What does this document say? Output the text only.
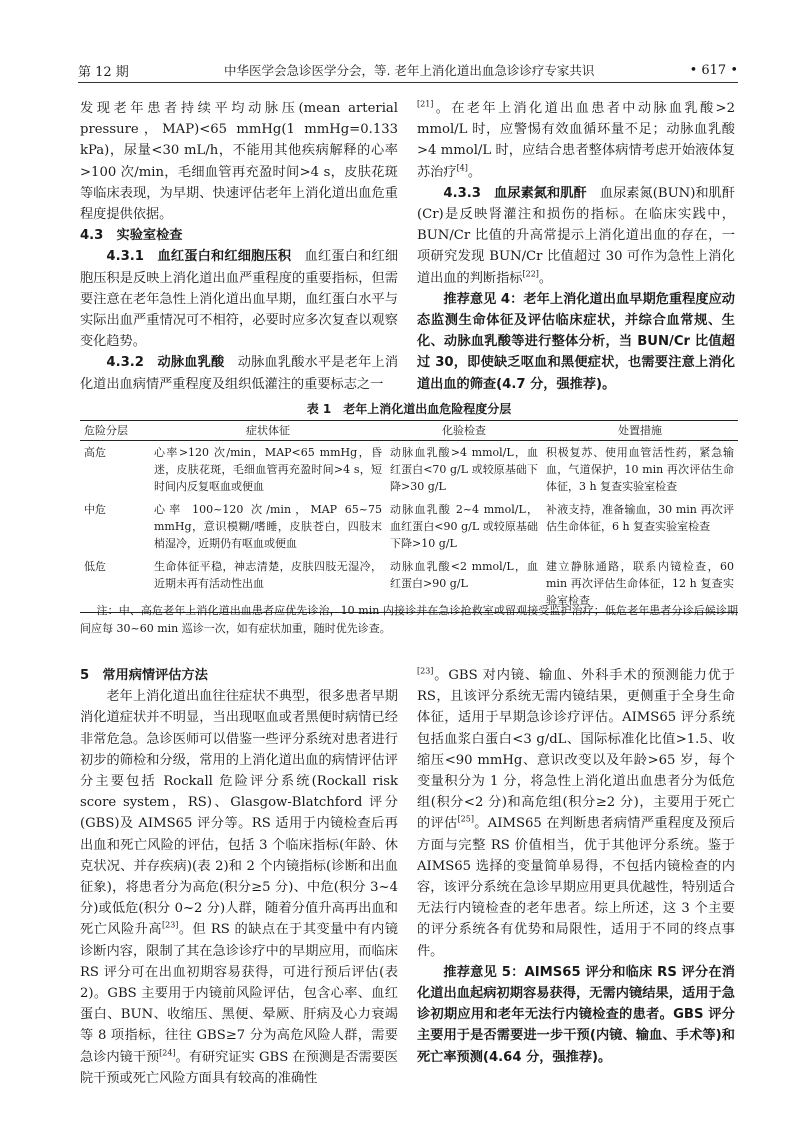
第 12 期	中华医学会急诊医学分会，等. 老年上消化道出血急诊诊疗专家共识	• 617 •

发现老年患者持续平均动脉压(mean arterial pressure，MAP)<65 mmHg(1 mmHg=0.133 kPa)，尿量<30 mL/h，不能用其他疾病解释的心率>100 次/min，毛细血管再充盈时间>4 s，皮肤花斑等临床表现，为早期、快速评估老年上消化道出血危重程度提供依据。

4.3　实验室检查

4.3.1　血红蛋白和红细胞压积　血红蛋白和红细胞压积是反映上消化道出血严重程度的重要指标，但需要注意在老年急性上消化道出血早期，血红蛋白水平与实际出血严重情况可不相符，必要时应多次复查以观察变化趋势。

4.3.2　动脉血乳酸　动脉血乳酸水平是老年上消化道出血病情严重程度及组织低灌注的重要标志之一

[21]。在老年上消化道出血患者中动脉血乳酸>2 mmol/L 时，应警惕有效血循环量不足；动脉血乳酸>4 mmol/L 时，应结合患者整体病情考虑开始液体复苏治疗[4]。

4.3.3　血尿素氮和肌酐　血尿素氮(BUN)和肌酐(Cr)是反映肾灌注和损伤的指标。在临床实践中，BUN/Cr 比值的升高常提示上消化道出血的存在，一项研究发现 BUN/Cr 比值超过 30 可作为急性上消化道出血的判断指标[22]。

推荐意见 4：老年上消化道出血早期危重程度应动态监测生命体征及评估临床症状，并综合血常规、生化、动脉血乳酸等进行整体分析，当 BUN/Cr 比值超过 30，即使缺乏呕血和黑便症状，也需要注意上消化道出血的筛查(4.7 分，强推荐)。

表 1　老年上消化道出血危险程度分层
危险分层	症状体征	化验检查	处置措施
高危	心率>120 次/min，MAP<65 mmHg，昏迷，皮肤花斑，毛细血管再充盈时间>4 s，短时间内反复呕血或便血	动脉血乳酸>4 mmol/L，血红蛋白<70 g/L 或较原基础下降>30 g/L	积极复苏、使用血管活性药，紧急输血，气道保护，10 min 再次评估生命体征，3 h 复查实验室检查
中危	心率 100~120 次/min，MAP 65~75 mmHg，意识模糊/嗜睡，皮肤苍白，四肢末梢湿冷，近期仍有呕血或便血	动脉血乳酸 2~4 mmol/L，血红蛋白<90 g/L 或较原基础下降>10 g/L	补液支持，准备输血，30 min 再次评估生命体征，6 h 复查实验室检查
低危	生命体征平稳，神志清楚，皮肤四肢无湿冷，近期未再有活动性出血	动脉血乳酸<2 mmol/L，血红蛋白>90 g/L	建立静脉通路，联系内镜检查，60 min 再次评估生命体征，12 h 复查实验室检查
注：中、高危老年上消化道出血患者应优先诊治，10 min 内接诊并在急诊抢救室或留观接受监护治疗；低危老年患者分诊后候诊期间应每 30~60 min 巡诊一次，如有症状加重，随时优先诊查。

5　常用病情评估方法

老年上消化道出血往往症状不典型，很多患者早期消化道症状并不明显，当出现呕血或者黑便时病情已经非常危急。急诊医师可以借鉴一些评分系统对患者进行初步的筛检和分级，常用的上消化道出血的病情评估评分主要包括 Rockall 危险评分系统(Rockall risk score system，RS)、Glasgow-Blatchford 评分(GBS)及 AIMS65 评分等。RS 适用于内镜检查后再出血和死亡风险的评估，包括 3 个临床指标(年龄、休克状况、并存疾病)(表 2)和 2 个内镜指标(诊断和出血征象)，将患者分为高危(积分≥5 分)、中危(积分 3~4 分)或低危(积分 0~2 分)人群，随着分值升高再出血和死亡风险升高[23]。但 RS 的缺点在于其变量中有内镜诊断内容，限制了其在急诊诊疗中的早期应用，而临床 RS 评分可在出血初期容易获得，可进行预后评估(表 2)。GBS 主要用于内镜前风险评估，包含心率、血红蛋白、BUN、收缩压、黑便、晕厥、肝病及心力衰竭等 8 项指标，往往 GBS≥7 分为高危风险人群，需要急诊内镜干预[24]。有研究证实 GBS 在预测是否需要医院干预或死亡风险方面具有较高的准确性

[23]。GBS 对内镜、输血、外科手术的预测能力优于 RS，且该评分系统无需内镜结果，更侧重于全身生命体征，适用于早期急诊诊疗评估。AIMS65 评分系统包括血浆白蛋白<3 g/dL、国际标准化比值>1.5、收缩压<90 mmHg、意识改变以及年龄>65 岁，每个变量积分为 1 分，将急性上消化道出血患者分为低危组(积分<2 分)和高危组(积分≥2 分)，主要用于死亡的评估[25]。AIMS65 在判断患者病情严重程度及预后方面与完整 RS 价值相当，优于其他评分系统。鉴于 AIMS65 选择的变量简单易得，不包括内镜检查的内容，该评分系统在急诊早期应用更具优越性，特别适合无法行内镜检查的老年患者。综上所述，这 3 个主要的评分系统各有优势和局限性，适用于不同的终点事件。

推荐意见 5：AIMS65 评分和临床 RS 评分在消化道出血起病初期容易获得，无需内镜结果，适用于急诊初期应用和老年无法行内镜检查的患者。GBS 评分主要用于是否需要进一步干预(内镜、输血、手术等)和死亡率预测(4.64 分，强推荐)。
